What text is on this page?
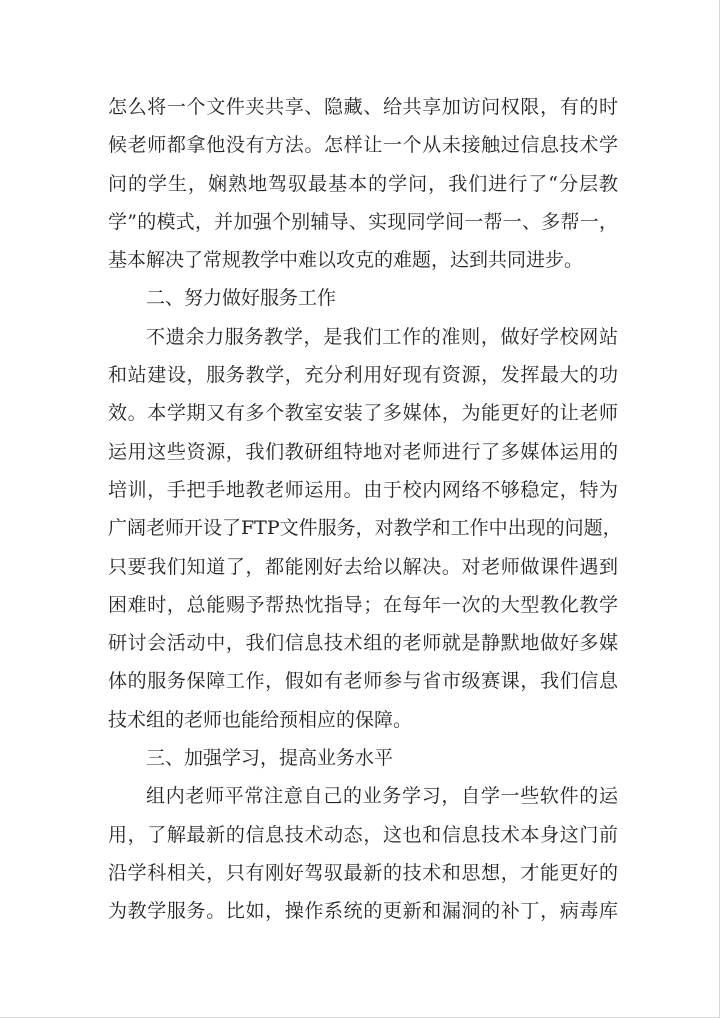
怎么将一个文件夹共享、隐藏、给共享加访问权限，有的时
候老师都拿他没有方法。怎样让一个从未接触过信息技术学
问的学生，娴熟地驾驭最基本的学问，我们进行了“分层教
学”的模式，并加强个别辅导、实现同学间一帮一、多帮一，
基本解决了常规教学中难以攻克的难题，达到共同进步。
二、努力做好服务工作
不遗余力服务教学，是我们工作的准则，做好学校网站
和站建设，服务教学，充分利用好现有资源，发挥最大的功
效。本学期又有多个教室安装了多媒体，为能更好的让老师
运用这些资源，我们教研组特地对老师进行了多媒体运用的
培训，手把手地教老师运用。由于校内网络不够稳定，特为
广阔老师开设了FTP文件服务，对教学和工作中出现的问题，
只要我们知道了，都能刚好去给以解决。对老师做课件遇到
困难时，总能赐予帮热忱指导；在每年一次的大型教化教学
研讨会活动中，我们信息技术组的老师就是静默地做好多媒
体的服务保障工作，假如有老师参与省市级赛课，我们信息
技术组的老师也能给预相应的保障。
三、加强学习，提高业务水平
组内老师平常注意自己的业务学习，自学一些软件的运
用，了解最新的信息技术动态，这也和信息技术本身这门前
沿学科相关，只有刚好驾驭最新的技术和思想，才能更好的
为教学服务。比如，操作系统的更新和漏洞的补丁，病毒库
